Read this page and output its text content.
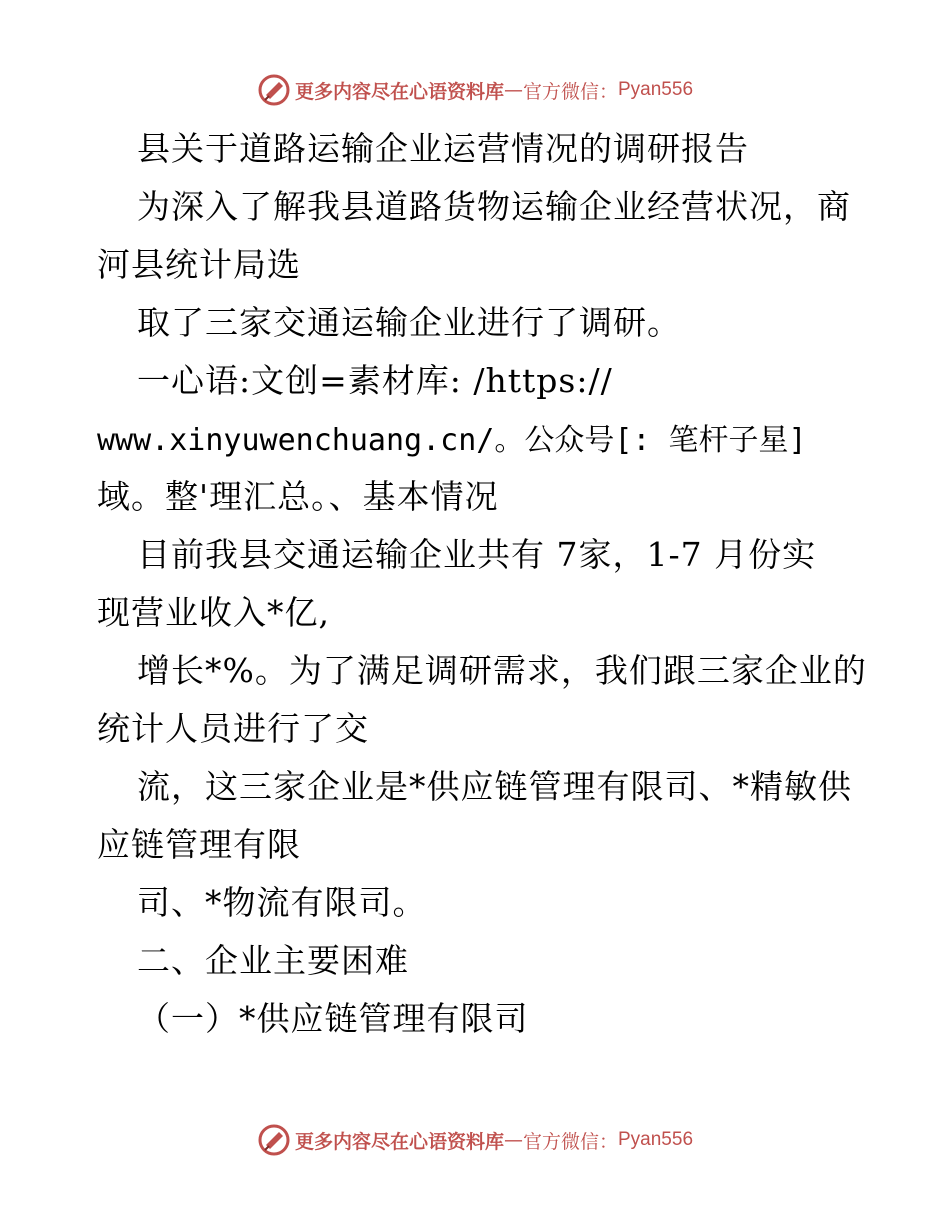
更多内容尽在心语资料库 — 官方微信： Pyan556
县关于道路运输企业运营情况的调研报告
为深入了解我县道路货物运输企业经营状况，商
河县统计局选
取了三家交通运输企业进行了调研。
一心语:文创=素材库: /https://
www.xinyuwenchuang.cn/。公众号[: 笔杆子星]
域。整'理汇总。、基本情况
目前我县交通运输企业共有 7家，1-7 月份实
现营业收入*亿,
增长*%。为了满足调研需求，我们跟三家企业的
统计人员进行了交
流，这三家企业是*供应链管理有限司、*精敏供
应链管理有限
司、*物流有限司。
二、企业主要困难
（一）*供应链管理有限司
更多内容尽在心语资料库 — 官方微信： Pyan556
